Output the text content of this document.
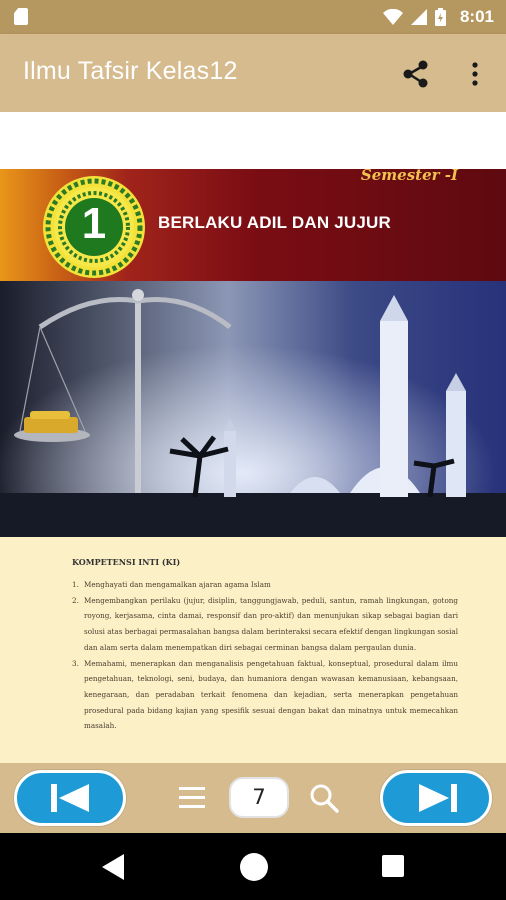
8:01
Ilmu Tafsir Kelas12
Semester -I
1	BERLAKU ADIL DAN JUJUR
KOMPETENSI INTI (KI)
1. Menghayati dan mengamalkan ajaran agama Islam
2. Mengembangkan perilaku (jujur, disiplin, tanggungjawab, peduli, santun, ramah lingkungan, gotong royong, kerjasama, cinta damai, responsif dan pro-aktif) dan menunjukan sikap sebagai bagian dari solusi atas berbagai permasalahan bangsa dalam berinteraksi secara efektif dengan lingkungan sosial dan alam serta dalam menempatkan diri sebagai cerminan bangsa dalam pergaulan dunia.
3. Memahami, menerapkan dan menganalisis pengetahuan faktual, konseptual, prosedural dalam ilmu pengetahuan, teknologi, seni, budaya, dan humaniora dengan wawasan kemanusiaan, kebangsaan, kenegaraan, dan peradaban terkait fenomena dan kejadian, serta menerapkan pengetahuan prosedural pada bidang kajian yang spesifik sesuai dengan bakat dan minatnya untuk memecahkan masalah.
7
